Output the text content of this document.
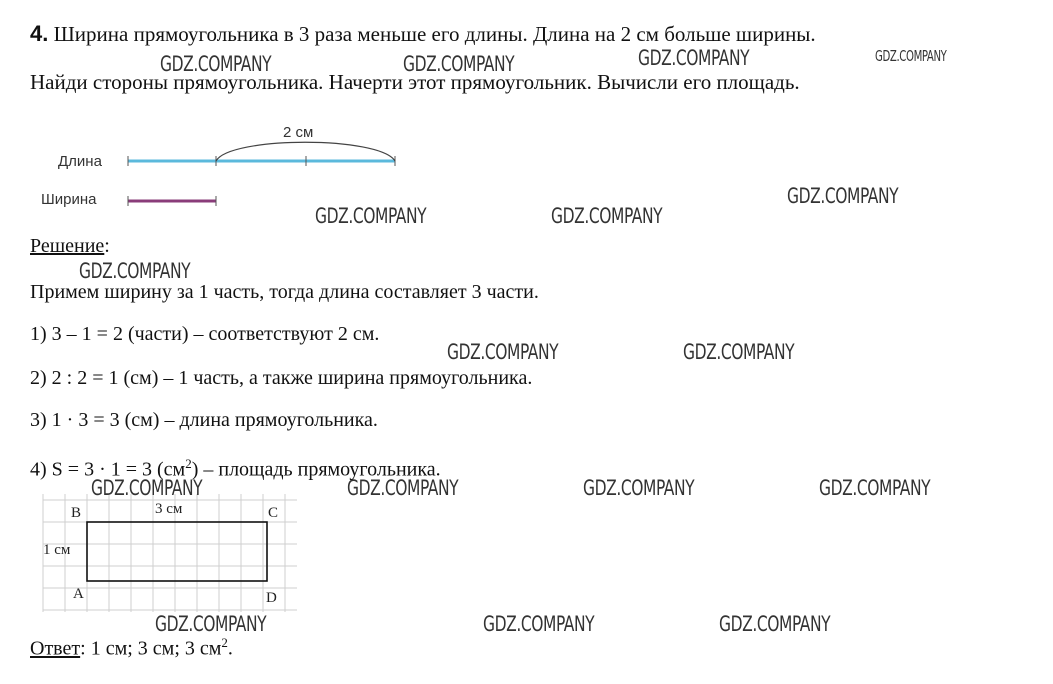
4. Ширина прямоугольника в 3 раза меньше его длины. Длина на 2 см больше ширины.
Найди стороны прямоугольника. Начерти этот прямоугольник. Вычисли его площадь.
Длина
Ширина
2 см
Решение:
Примем ширину за 1 часть, тогда длина составляет 3 части.
1) 3 – 1 = 2 (части) – соответствуют 2 см.
2) 2 : 2 = 1 (см) – 1 часть, а также ширина прямоугольника.
3) 1 · 3 = 3 (см) – длина прямоугольника.
4) S = 3 · 1 = 3 $(см^2)$ – площадь прямоугольника.
B	C
A	D
3 см
1 см
Ответ: 1 см; 3 см; 3 $см^2$.
GDZ.COMPANY	GDZ.COMPANY	GDZ.COMPANY	GDZ.COMPANY
GDZ.COMPANY
GDZ.COMPANY	GDZ.COMPANY
GDZ.COMPANY
GDZ.COMPANY	GDZ.COMPANY
GDZ.COMPANY	GDZ.COMPANY	GDZ.COMPANY	GDZ.COMPANY
GDZ.COMPANY	GDZ.COMPANY	GDZ.COMPANY
